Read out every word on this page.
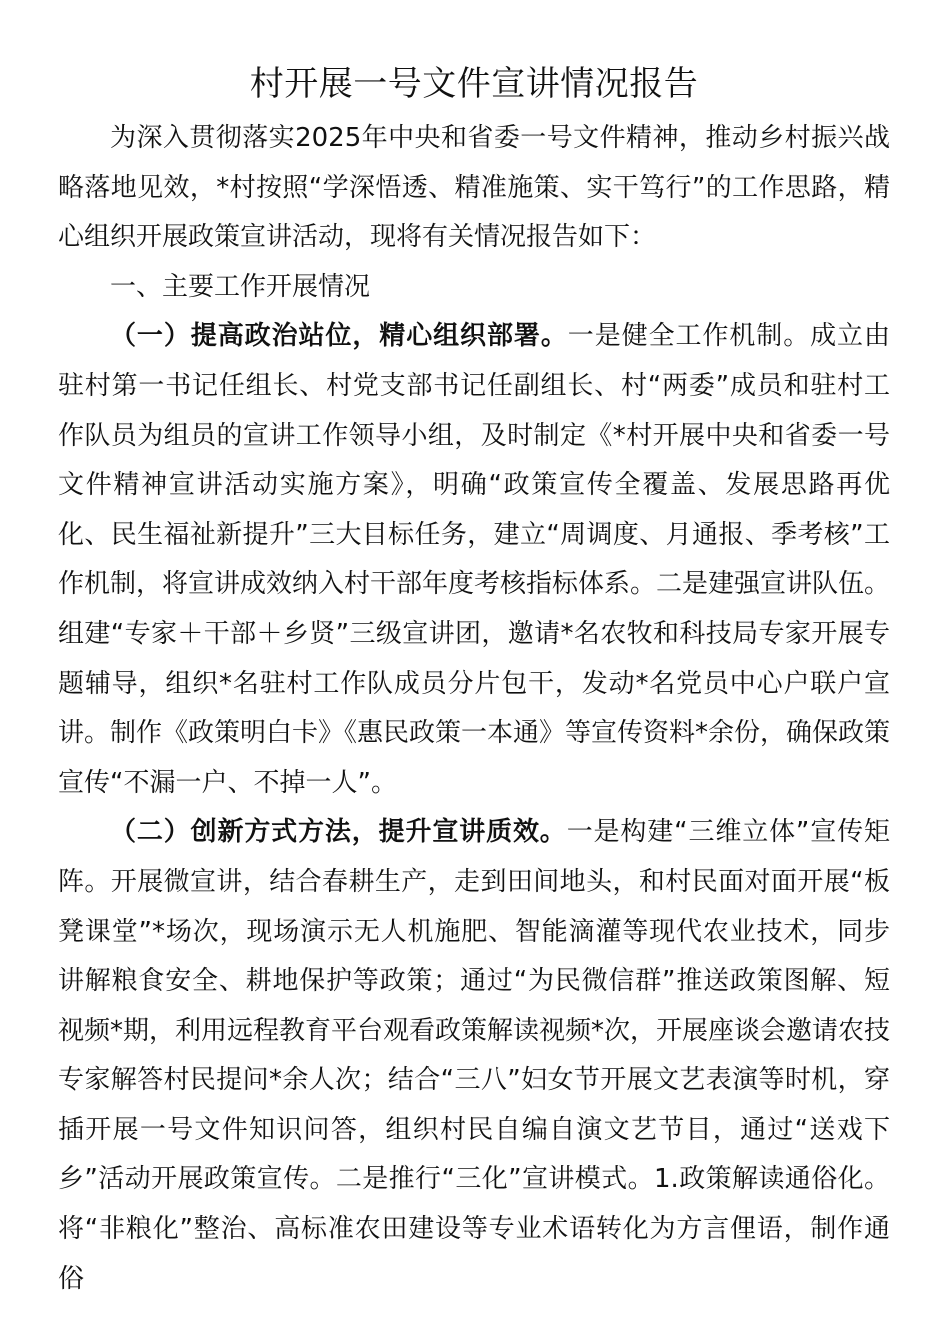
村开展一号文件宣讲情况报告

为深入贯彻落实2025年中央和省委一号文件精神，推动乡村振兴战略落地见效，*村按照“学深悟透、精准施策、实干笃行”的工作思路，精心组织开展政策宣讲活动，现将有关情况报告如下：

一、主要工作开展情况

（一）提高政治站位，精心组织部署。一是健全工作机制。成立由驻村第一书记任组长、村党支部书记任副组长、村“两委”成员和驻村工作队员为组员的宣讲工作领导小组，及时制定《*村开展中央和省委一号文件精神宣讲活动实施方案》，明确“政策宣传全覆盖、发展思路再优化、民生福祉新提升”三大目标任务，建立“周调度、月通报、季考核”工作机制，将宣讲成效纳入村干部年度考核指标体系。二是建强宣讲队伍。组建“专家＋干部＋乡贤”三级宣讲团，邀请*名农牧和科技局专家开展专题辅导，组织*名驻村工作队成员分片包干，发动*名党员中心户联户宣讲。制作《政策明白卡》《惠民政策一本通》等宣传资料*余份，确保政策宣传“不漏一户、不掉一人”。

（二）创新方式方法，提升宣讲质效。一是构建“三维立体”宣传矩阵。开展微宣讲，结合春耕生产，走到田间地头，和村民面对面开展“板凳课堂”*场次，现场演示无人机施肥、智能滴灌等现代农业技术，同步讲解粮食安全、耕地保护等政策；通过“为民微信群”推送政策图解、短视频*期，利用远程教育平台观看政策解读视频*次，开展座谈会邀请农技专家解答村民提问*余人次；结合“三八”妇女节开展文艺表演等时机，穿插开展一号文件知识问答，组织村民自编自演文艺节目，通过“送戏下乡”活动开展政策宣传。二是推行“三化”宣讲模式。1.政策解读通俗化。将“非粮化”整治、高标准农田建设等专业术语转化为方言俚语，制作通俗
